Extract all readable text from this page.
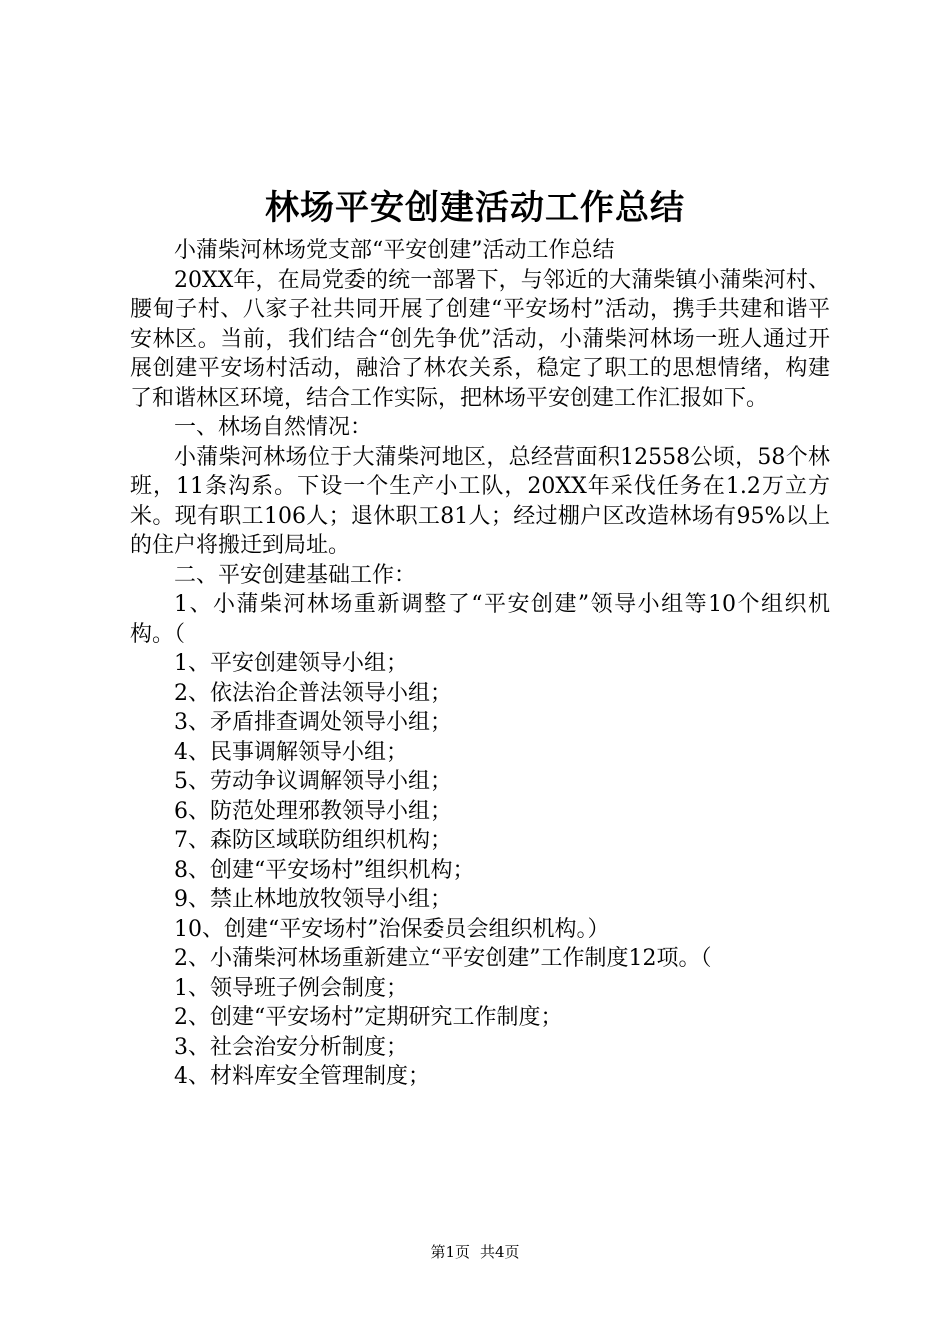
林场平安创建活动工作总结

小蒲柴河林场党支部“平安创建”活动工作总结

20XX年，在局党委的统一部署下，与邻近的大蒲柴镇小蒲柴河村、腰甸子村、八家子社共同开展了创建“平安场村”活动，携手共建和谐平安林区。当前，我们结合“创先争优”活动，小蒲柴河林场一班人通过开展创建平安场村活动，融洽了林农关系，稳定了职工的思想情绪，构建了和谐林区环境，结合工作实际，把林场平安创建工作汇报如下。

一、林场自然情况：

小蒲柴河林场位于大蒲柴河地区，总经营面积12558公顷，58个林班，11条沟系。下设一个生产小工队，20XX年采伐任务在1.2万立方米。现有职工106人；退休职工81人；经过棚户区改造林场有95%以上的住户将搬迁到局址。

二、平安创建基础工作：

1、小蒲柴河林场重新调整了“平安创建”领导小组等10个组织机构。（

1、平安创建领导小组；

2、依法治企普法领导小组；

3、矛盾排查调处领导小组；

4、民事调解领导小组；

5、劳动争议调解领导小组；

6、防范处理邪教领导小组；

7、森防区域联防组织机构；

8、创建“平安场村”组织机构；

9、禁止林地放牧领导小组；

10、创建“平安场村”治保委员会组织机构。）

2、小蒲柴河林场重新建立“平安创建”工作制度12项。（

1、领导班子例会制度；

2、创建“平安场村”定期研究工作制度；

3、社会治安分析制度；

4、材料库安全管理制度；

第1页 共4页
